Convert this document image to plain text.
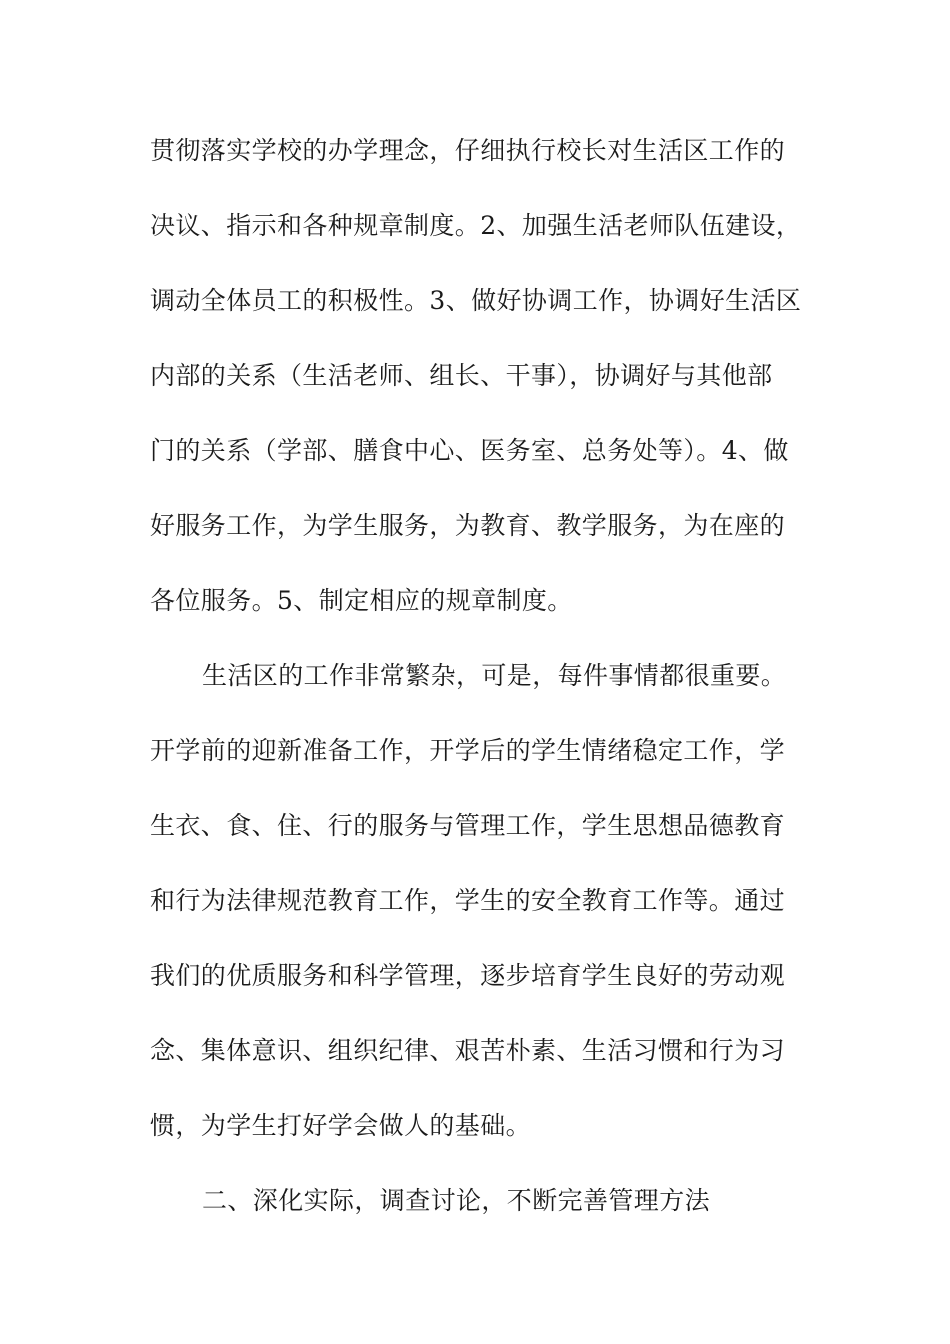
贯彻落实学校的办学理念，仔细执行校长对生活区工作的
决议、指示和各种规章制度。2、加强生活老师队伍建设，
调动全体员工的积极性。3、做好协调工作，协调好生活区
内部的关系（生活老师、组长、干事），协调好与其他部
门的关系（学部、膳食中心、医务室、总务处等）。4、做
好服务工作，为学生服务，为教育、教学服务，为在座的
各位服务。5、制定相应的规章制度。
生活区的工作非常繁杂，可是，每件事情都很重要。
开学前的迎新准备工作，开学后的学生情绪稳定工作，学
生衣、食、住、行的服务与管理工作，学生思想品德教育
和行为法律规范教育工作，学生的安全教育工作等。通过
我们的优质服务和科学管理，逐步培育学生良好的劳动观
念、集体意识、组织纪律、艰苦朴素、生活习惯和行为习
惯，为学生打好学会做人的基础。
二、深化实际，调查讨论，不断完善管理方法
